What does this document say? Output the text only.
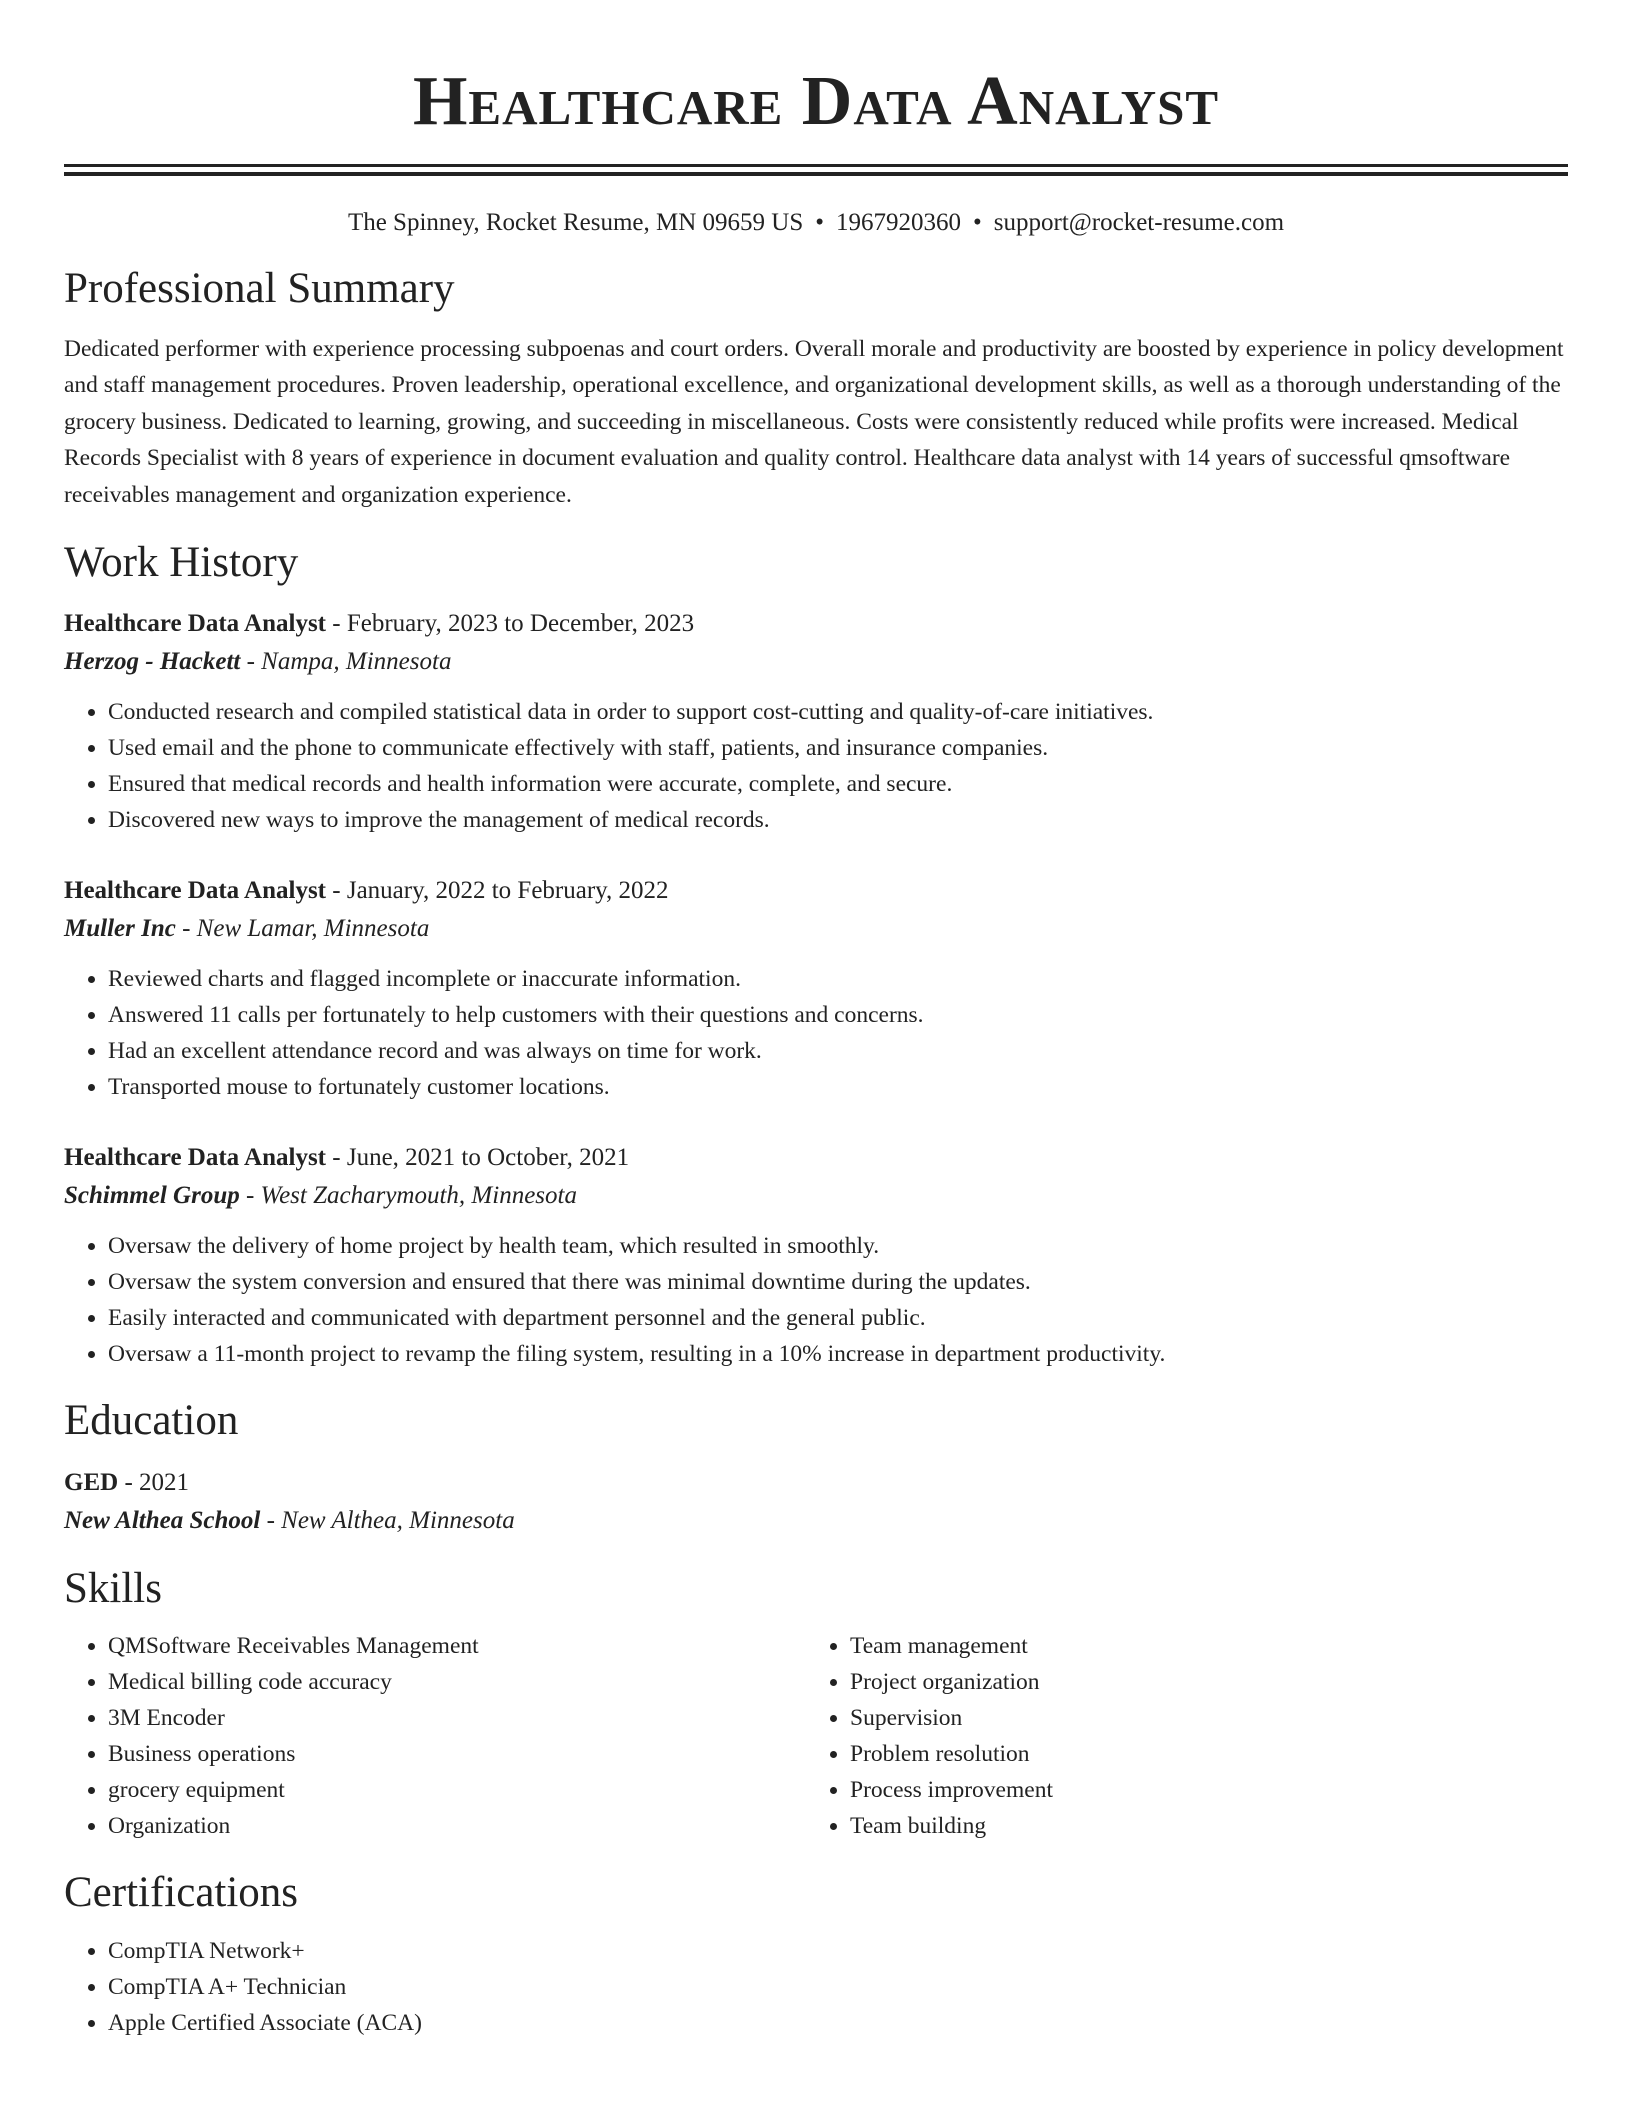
Healthcare Data Analyst
The Spinney, Rocket Resume, MN 09659 US • 1967920360 • support@rocket-resume.com
Professional Summary
Dedicated performer with experience processing subpoenas and court orders. Overall morale and productivity are boosted by experience in policy development and staff management procedures. Proven leadership, operational excellence, and organizational development skills, as well as a thorough understanding of the grocery business. Dedicated to learning, growing, and succeeding in miscellaneous. Costs were consistently reduced while profits were increased. Medical Records Specialist with 8 years of experience in document evaluation and quality control. Healthcare data analyst with 14 years of successful qmsoftware receivables management and organization experience.
Work History
Healthcare Data Analyst - February, 2023 to December, 2023
Herzog - Hackett - Nampa, Minnesota
• Conducted research and compiled statistical data in order to support cost-cutting and quality-of-care initiatives.
• Used email and the phone to communicate effectively with staff, patients, and insurance companies.
• Ensured that medical records and health information were accurate, complete, and secure.
• Discovered new ways to improve the management of medical records.
Healthcare Data Analyst - January, 2022 to February, 2022
Muller Inc - New Lamar, Minnesota
• Reviewed charts and flagged incomplete or inaccurate information.
• Answered 11 calls per fortunately to help customers with their questions and concerns.
• Had an excellent attendance record and was always on time for work.
• Transported mouse to fortunately customer locations.
Healthcare Data Analyst - June, 2021 to October, 2021
Schimmel Group - West Zacharymouth, Minnesota
• Oversaw the delivery of home project by health team, which resulted in smoothly.
• Oversaw the system conversion and ensured that there was minimal downtime during the updates.
• Easily interacted and communicated with department personnel and the general public.
• Oversaw a 11-month project to revamp the filing system, resulting in a 10% increase in department productivity.
Education
GED - 2021
New Althea School - New Althea, Minnesota
Skills
• QMSoftware Receivables Management
• Medical billing code accuracy
• 3M Encoder
• Business operations
• grocery equipment
• Organization
• Team management
• Project organization
• Supervision
• Problem resolution
• Process improvement
• Team building
Certifications
• CompTIA Network+
• CompTIA A+ Technician
• Apple Certified Associate (ACA)
